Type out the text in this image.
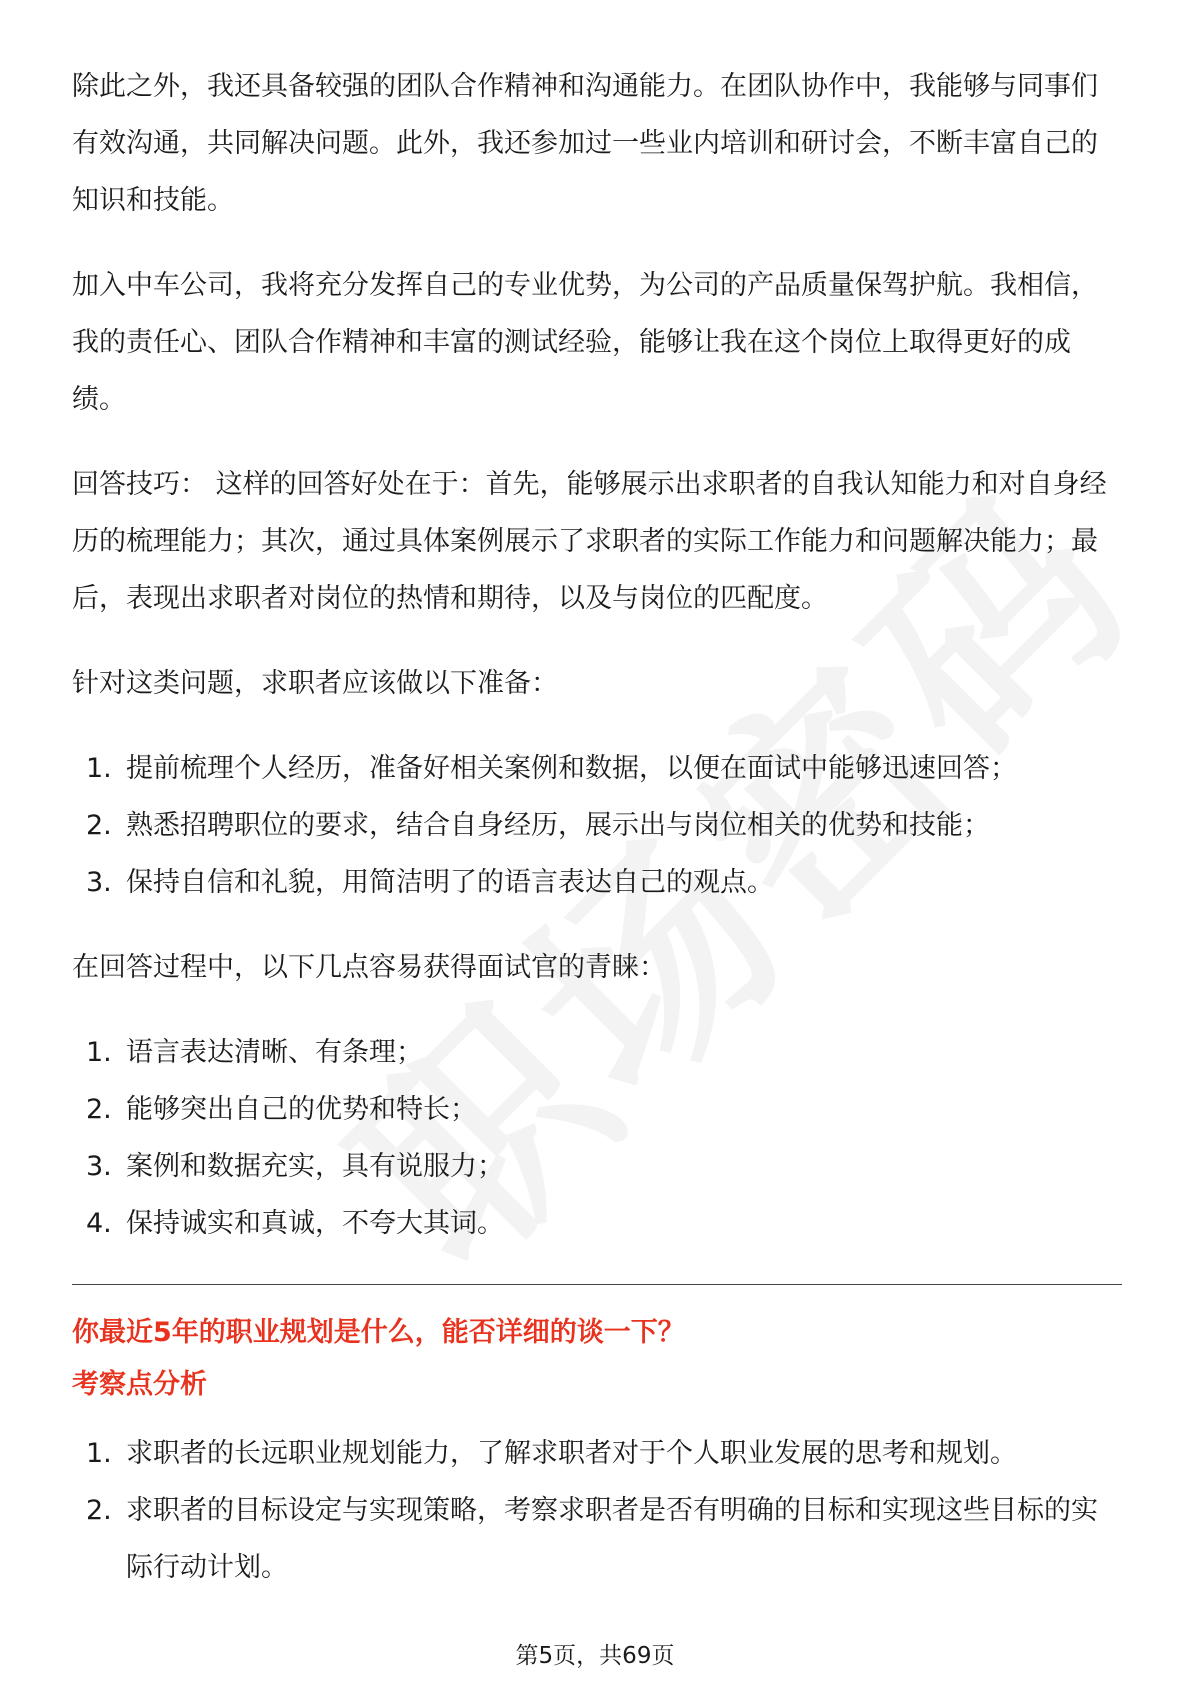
除此之外，我还具备较强的团队合作精神和沟通能力。在团队协作中，我能够与同事们有效沟通，共同解决问题。此外，我还参加过一些业内培训和研讨会，不断丰富自己的知识和技能。

加入中车公司，我将充分发挥自己的专业优势，为公司的产品质量保驾护航。我相信，我的责任心、团队合作精神和丰富的测试经验，能够让我在这个岗位上取得更好的成绩。

回答技巧： 这样的回答好处在于：首先，能够展示出求职者的自我认知能力和对自身经历的梳理能力；其次，通过具体案例展示了求职者的实际工作能力和问题解决能力；最后，表现出求职者对岗位的热情和期待，以及与岗位的匹配度。

针对这类问题，求职者应该做以下准备：

1. 提前梳理个人经历，准备好相关案例和数据，以便在面试中能够迅速回答；
2. 熟悉招聘职位的要求，结合自身经历，展示出与岗位相关的优势和技能；
3. 保持自信和礼貌，用简洁明了的语言表达自己的观点。

在回答过程中，以下几点容易获得面试官的青睐：

1. 语言表达清晰、有条理；
2. 能够突出自己的优势和特长；
3. 案例和数据充实，具有说服力；
4. 保持诚实和真诚，不夸大其词。

你最近5年的职业规划是什么，能否详细的谈一下？

考察点分析

1. 求职者的长远职业规划能力，了解求职者对于个人职业发展的思考和规划。
2. 求职者的目标设定与实现策略，考察求职者是否有明确的目标和实现这些目标的实际行动计划。
第5页，共69页
